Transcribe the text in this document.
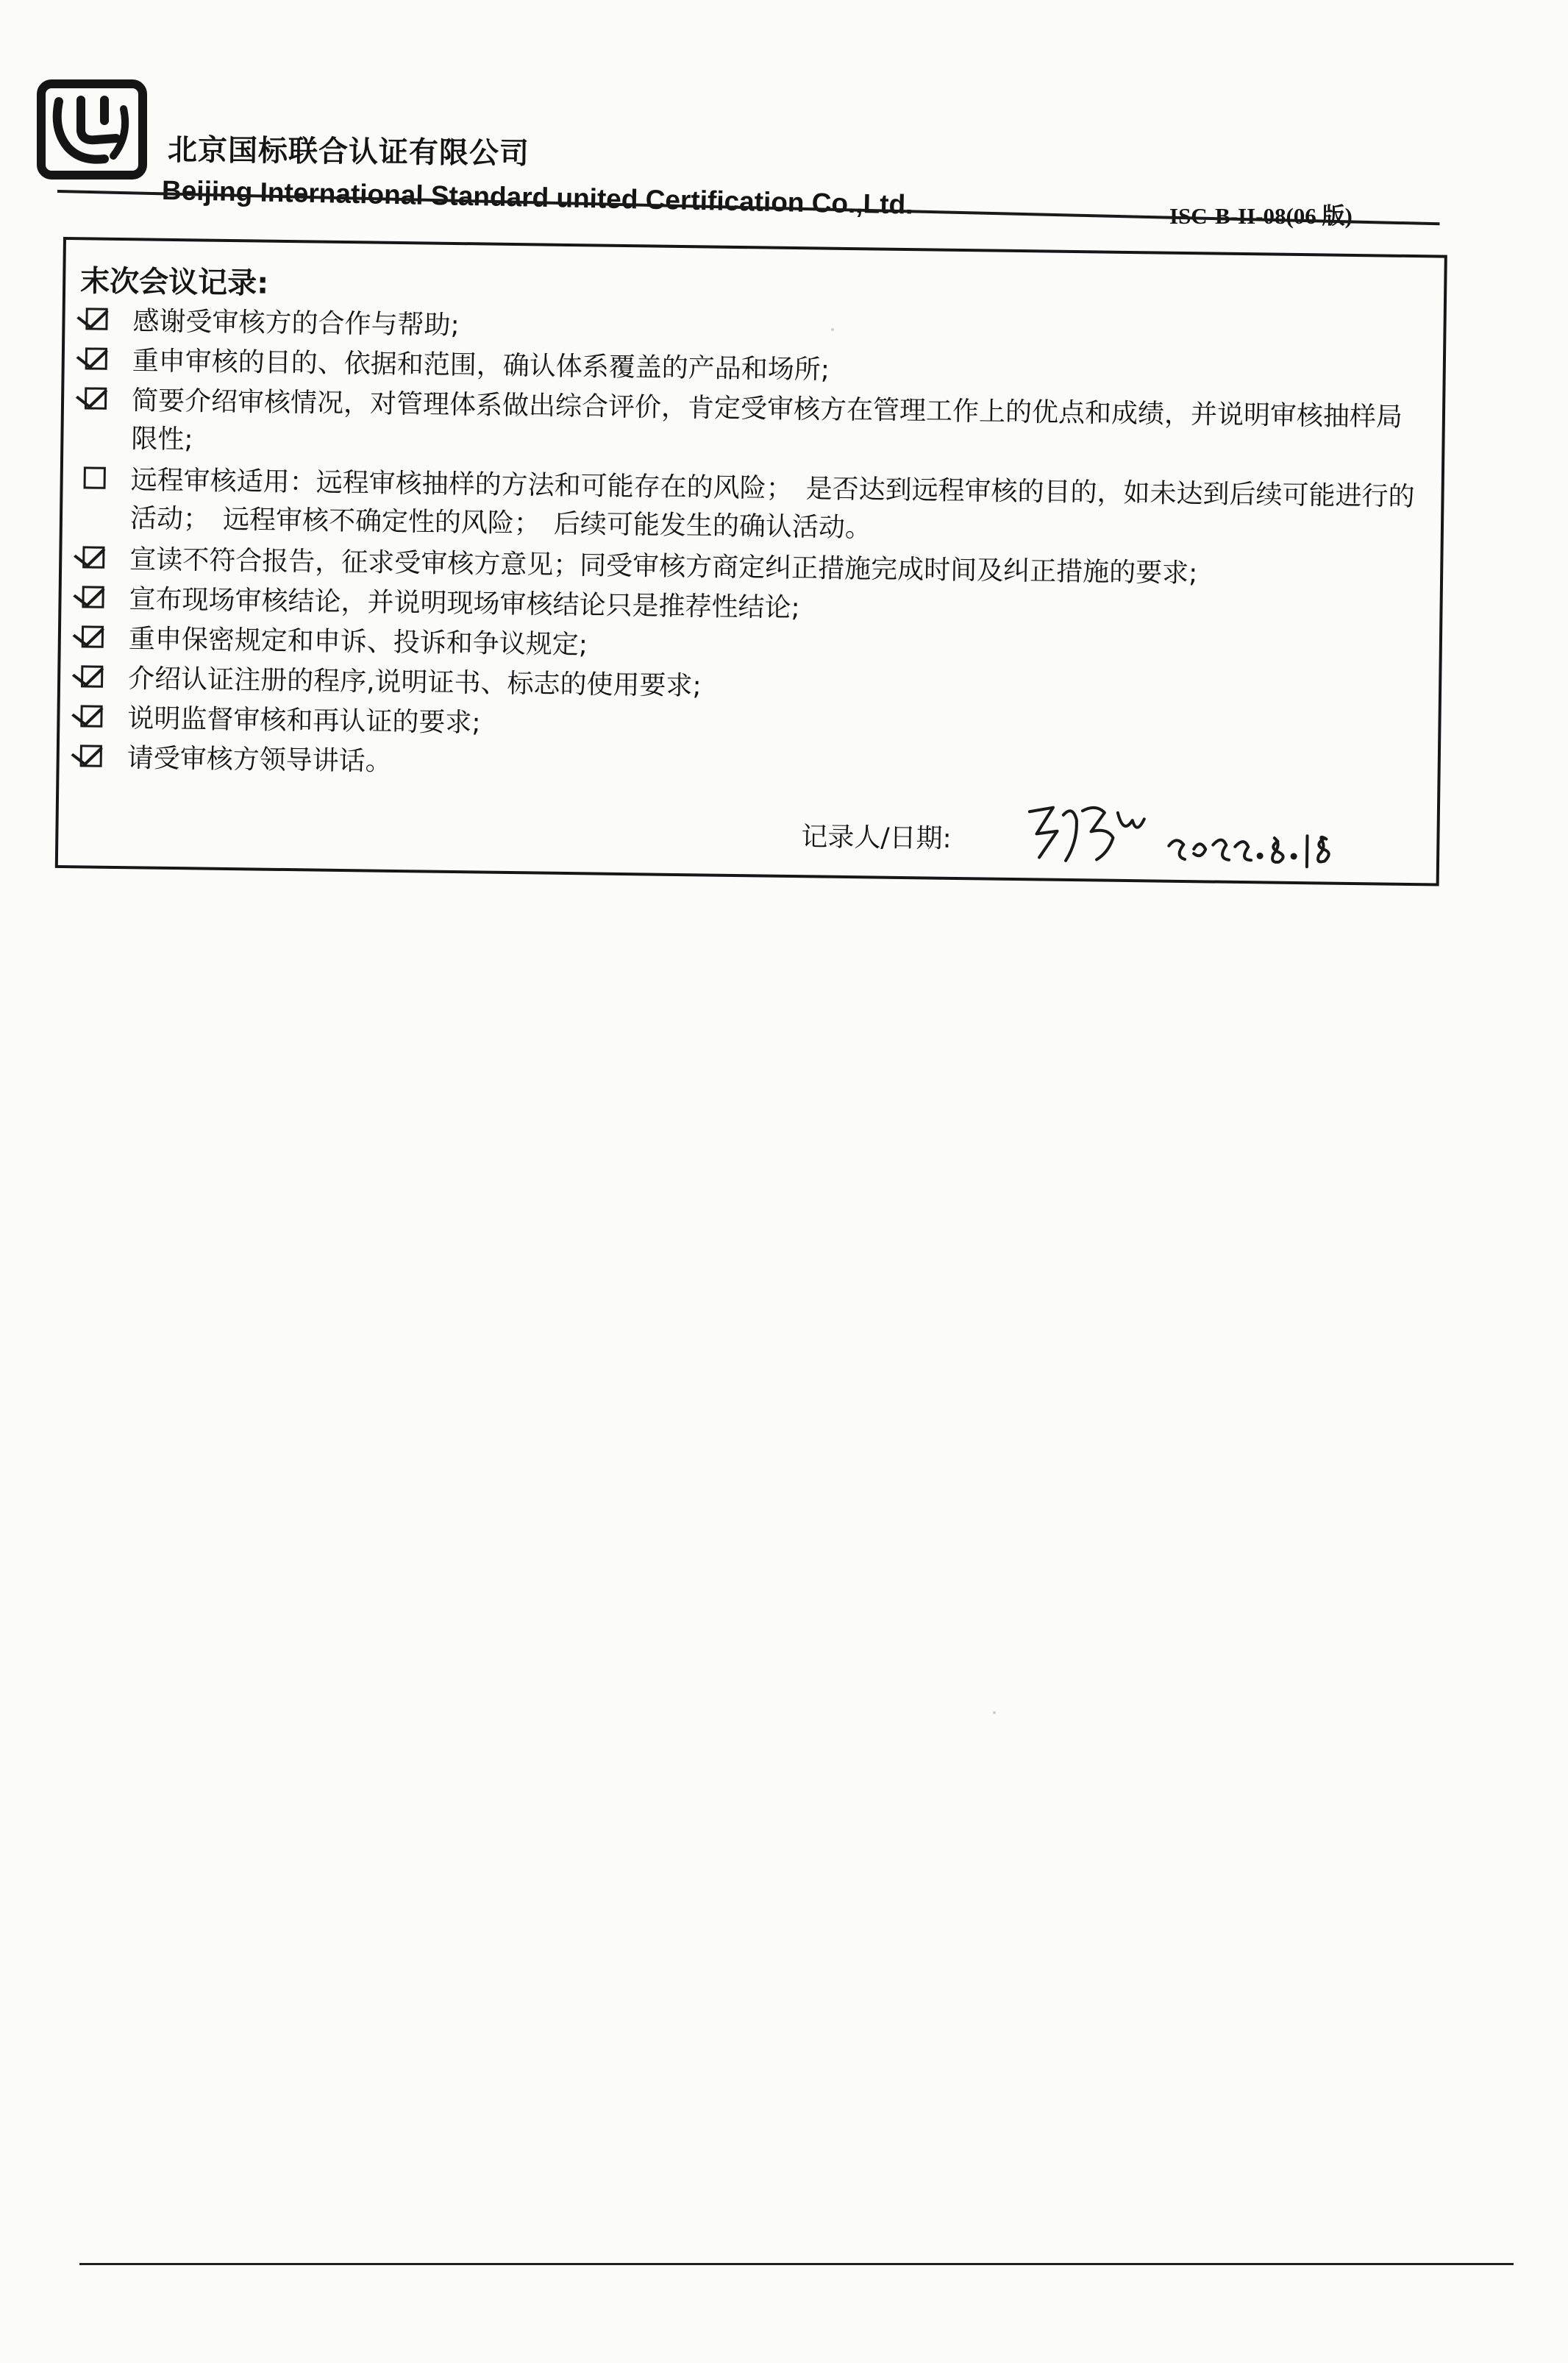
北京国标联合认证有限公司
Beijing International Standard united Certification Co.,Ltd.	ISC-B-II-08(06 版)
末次会议记录:
感谢受审核方的合作与帮助;
重申审核的目的、依据和范围，确认体系覆盖的产品和场所;
简要介绍审核情况，对管理体系做出综合评价，肯定受审核方在管理工作上的优点和成绩，并说明审核抽样局限性;
远程审核适用：远程审核抽样的方法和可能存在的风险；　是否达到远程审核的目的，如未达到后续可能进行的活动；　远程审核不确定性的风险；　后续可能发生的确认活动。
宣读不符合报告，征求受审核方意见；同受审核方商定纠正措施完成时间及纠正措施的要求;
宣布现场审核结论，并说明现场审核结论只是推荐性结论;
重申保密规定和申诉、投诉和争议规定;
介绍认证注册的程序,说明证书、标志的使用要求;
说明监督审核和再认证的要求;
请受审核方领导讲话。
记录人/日期:
